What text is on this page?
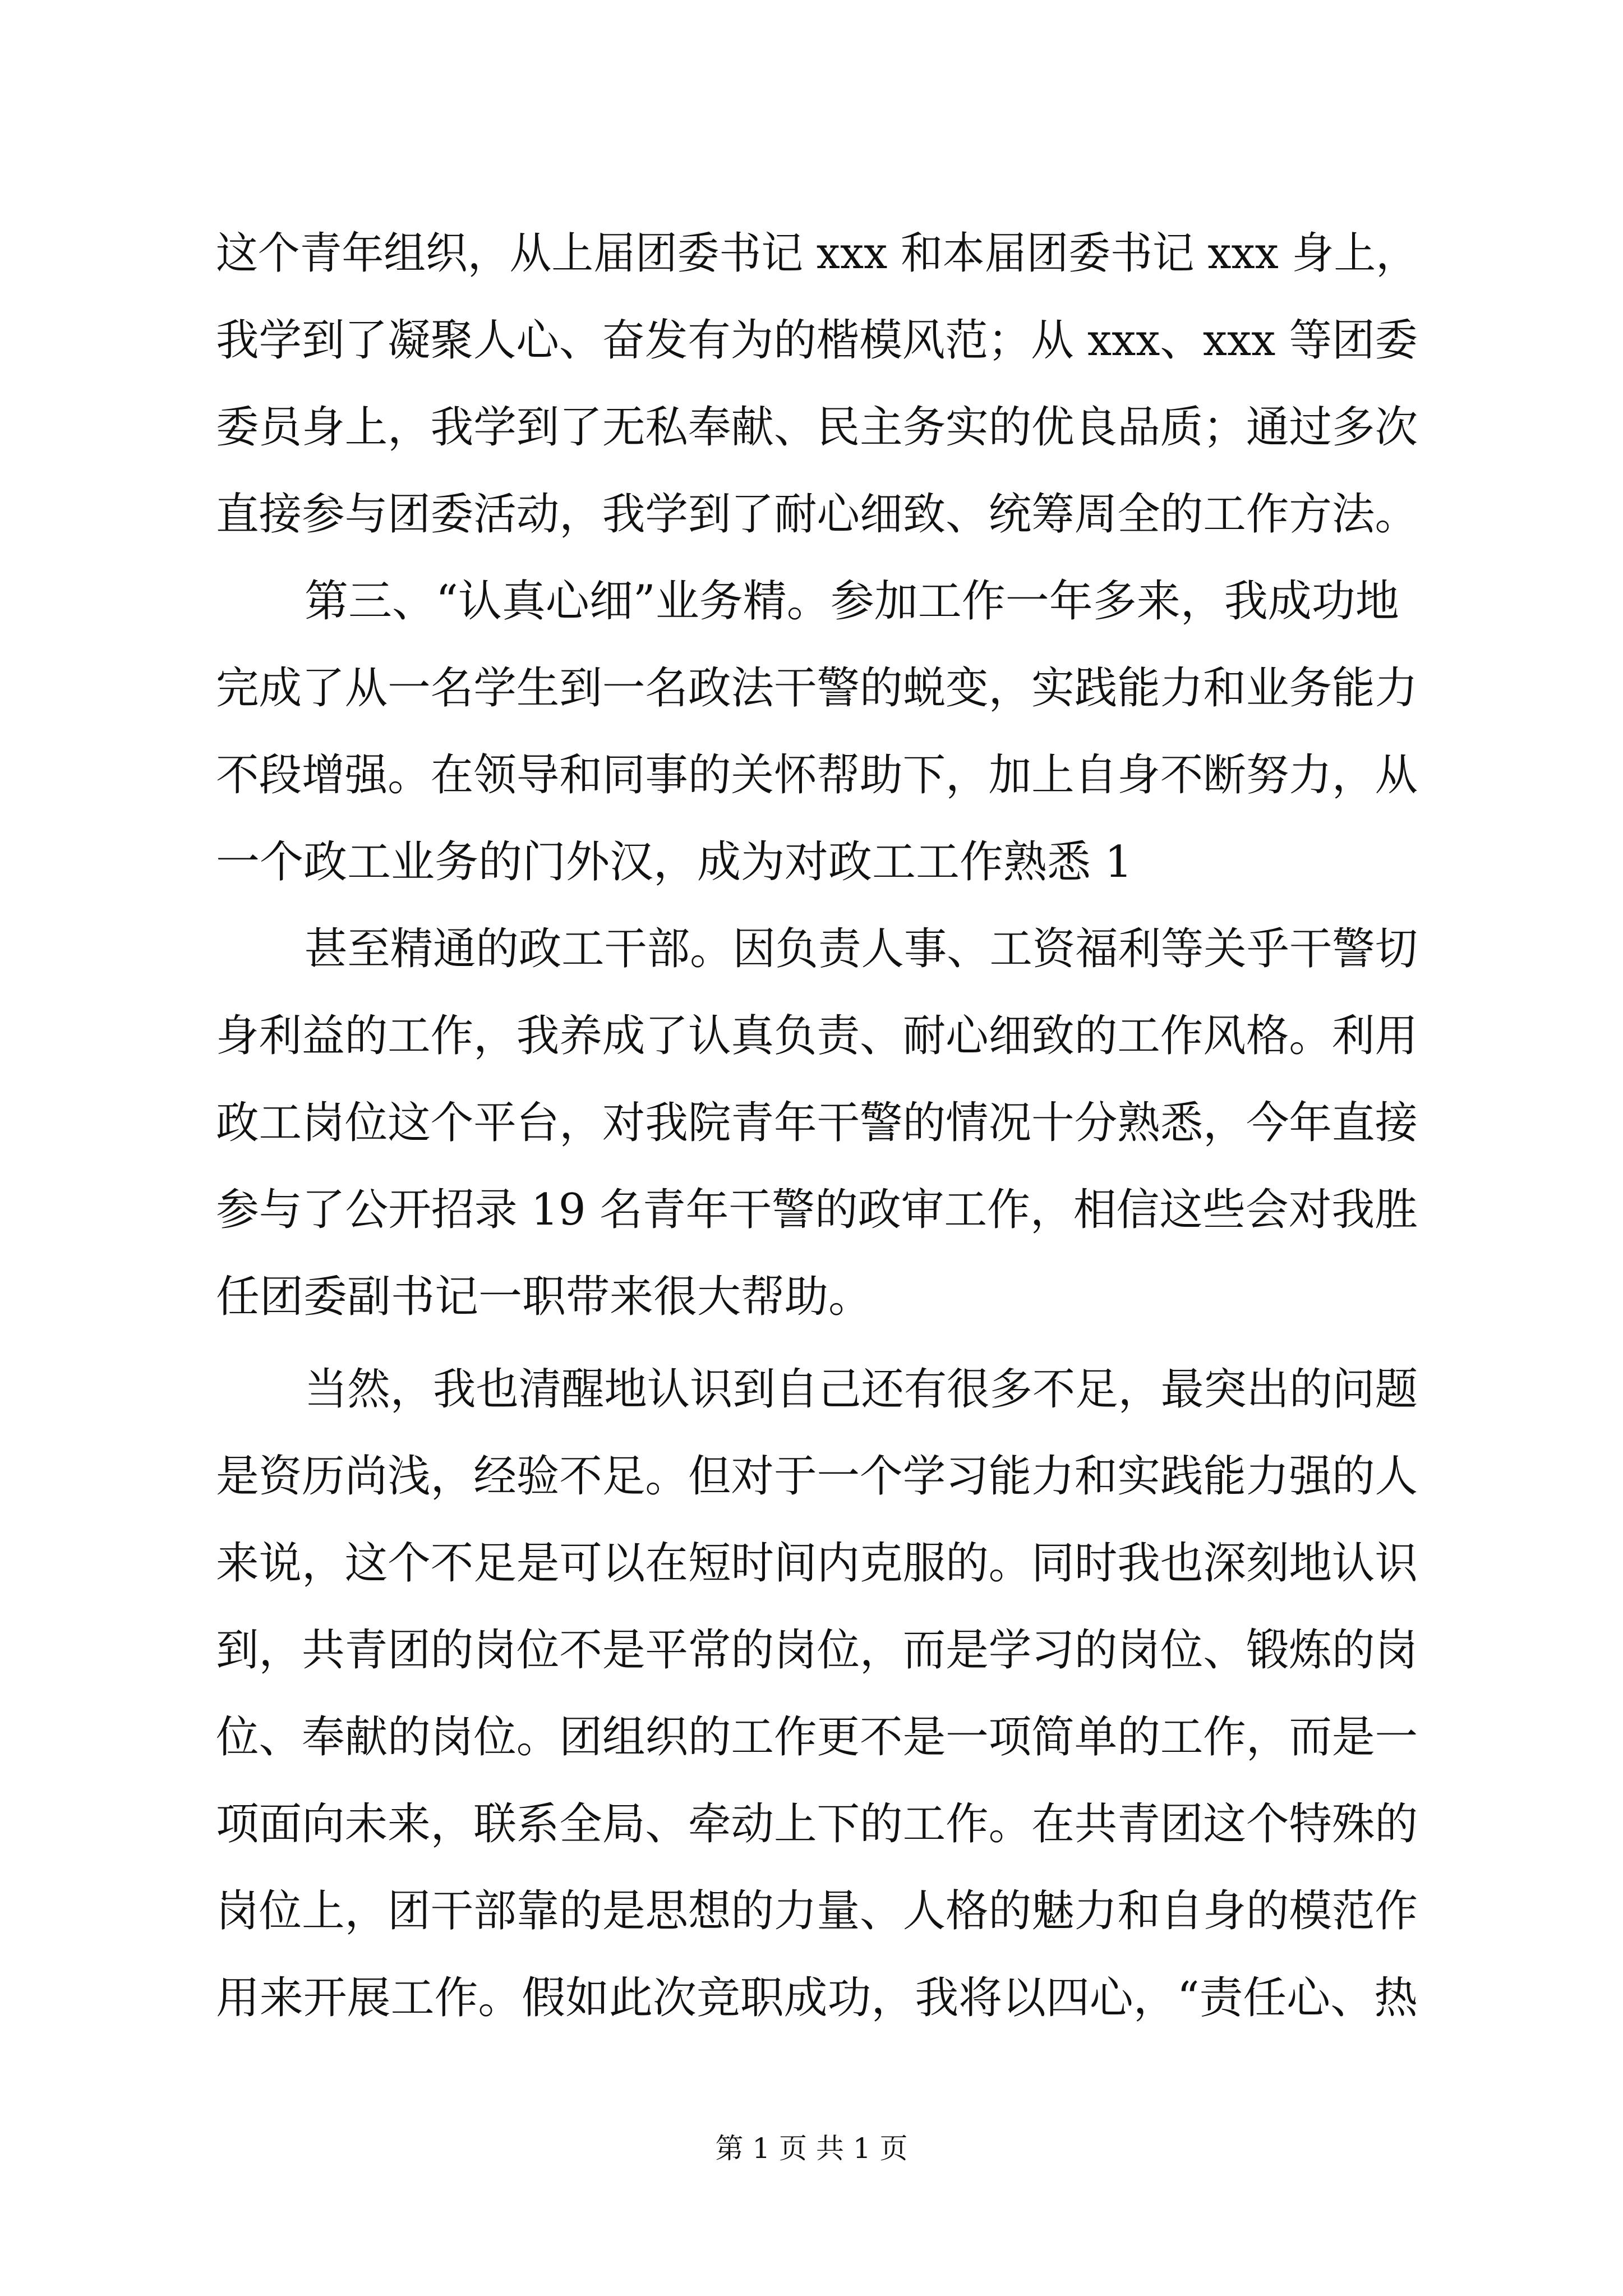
这个青年组织，从上届团委书记 xxx 和本届团委书记 xxx 身上，
我学到了凝聚人心、奋发有为的楷模风范；从 xxx、xxx 等团委
委员身上，我学到了无私奉献、民主务实的优良品质；通过多次
直接参与团委活动，我学到了耐心细致、统筹周全的工作方法。
第三、“认真心细”业务精。参加工作一年多来，我成功地
完成了从一名学生到一名政法干警的蜕变，实践能力和业务能力
不段增强。在领导和同事的关怀帮助下，加上自身不断努力，从
一个政工业务的门外汉，成为对政工工作熟悉 1
甚至精通的政工干部。因负责人事、工资福利等关乎干警切
身利益的工作，我养成了认真负责、耐心细致的工作风格。利用
政工岗位这个平台，对我院青年干警的情况十分熟悉，今年直接
参与了公开招录 19 名青年干警的政审工作，相信这些会对我胜
任团委副书记一职带来很大帮助。
当然，我也清醒地认识到自己还有很多不足，最突出的问题
是资历尚浅，经验不足。但对于一个学习能力和实践能力强的人
来说，这个不足是可以在短时间内克服的。同时我也深刻地认识
到，共青团的岗位不是平常的岗位，而是学习的岗位、锻炼的岗
位、奉献的岗位。团组织的工作更不是一项简单的工作，而是一
项面向未来，联系全局、牵动上下的工作。在共青团这个特殊的
岗位上，团干部靠的是思想的力量、人格的魅力和自身的模范作
用来开展工作。假如此次竞职成功，我将以四心，“责任心、热
第 1 页 共 1 页
